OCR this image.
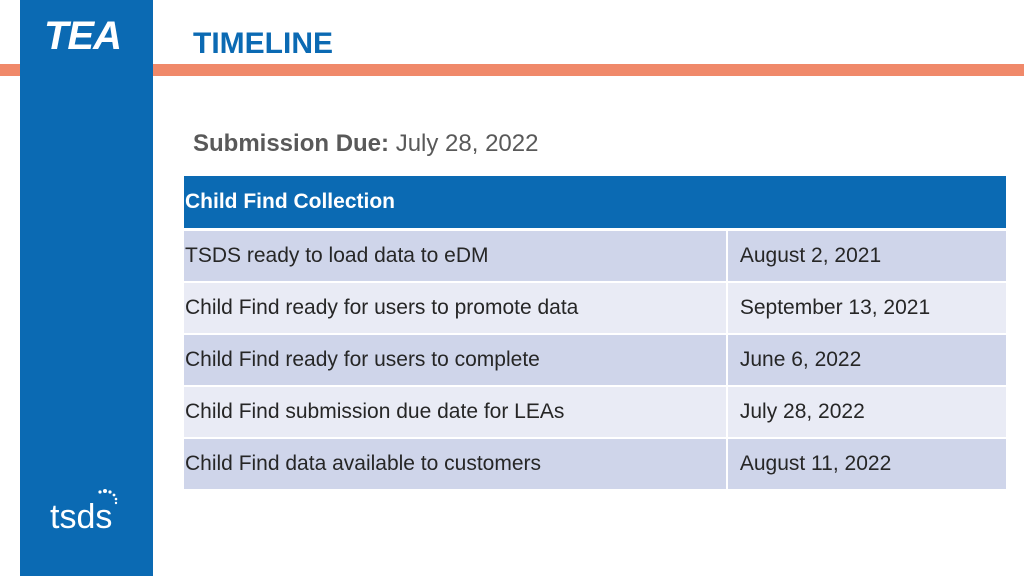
TEA
tsds
TIMELINE
Submission Due: July 28, 2022
Child Find Collection	
TSDS ready to load data to eDM	August 2, 2021
Child Find ready for users to promote data	September 13, 2021
Child Find ready for users to complete	June 6, 2022
Child Find submission due date for LEAs	July 28, 2022
Child Find data available to customers	August 11, 2022
